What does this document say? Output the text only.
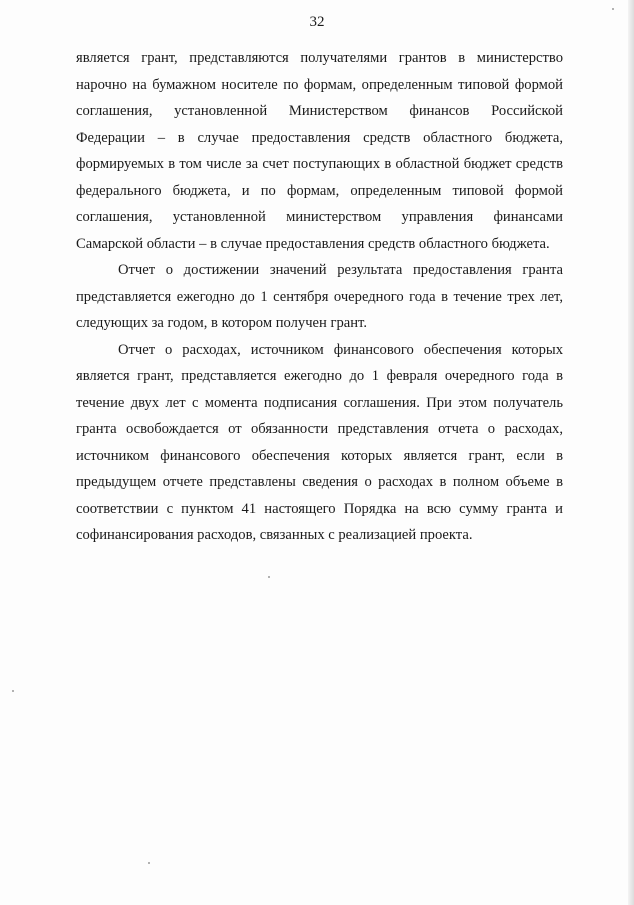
32

является грант, представляются получателями грантов в министерство нарочно на бумажном носителе по формам, определенным типовой формой соглашения, установленной Министерством финансов Российской Федерации – в случае предоставления средств областного бюджета, формируемых в том числе за счет поступающих в областной бюджет средств федерального бюджета, и по формам, определенным типовой формой соглашения, установленной министерством управления финансами Самарской области – в случае предоставления средств областного бюджета.

Отчет о достижении значений результата предоставления гранта представляется ежегодно до 1 сентября очередного года в течение трех лет, следующих за годом, в котором получен грант.

Отчет о расходах, источником финансового обеспечения которых является грант, представляется ежегодно до 1 февраля очередного года в течение двух лет с момента подписания соглашения. При этом получатель гранта освобождается от обязанности представления отчета о расходах, источником финансового обеспечения которых является грант, если в предыдущем отчете представлены сведения о расходах в полном объеме в соответствии с пунктом 41 настоящего Порядка на всю сумму гранта и софинансирования расходов, связанных с реализацией проекта.
